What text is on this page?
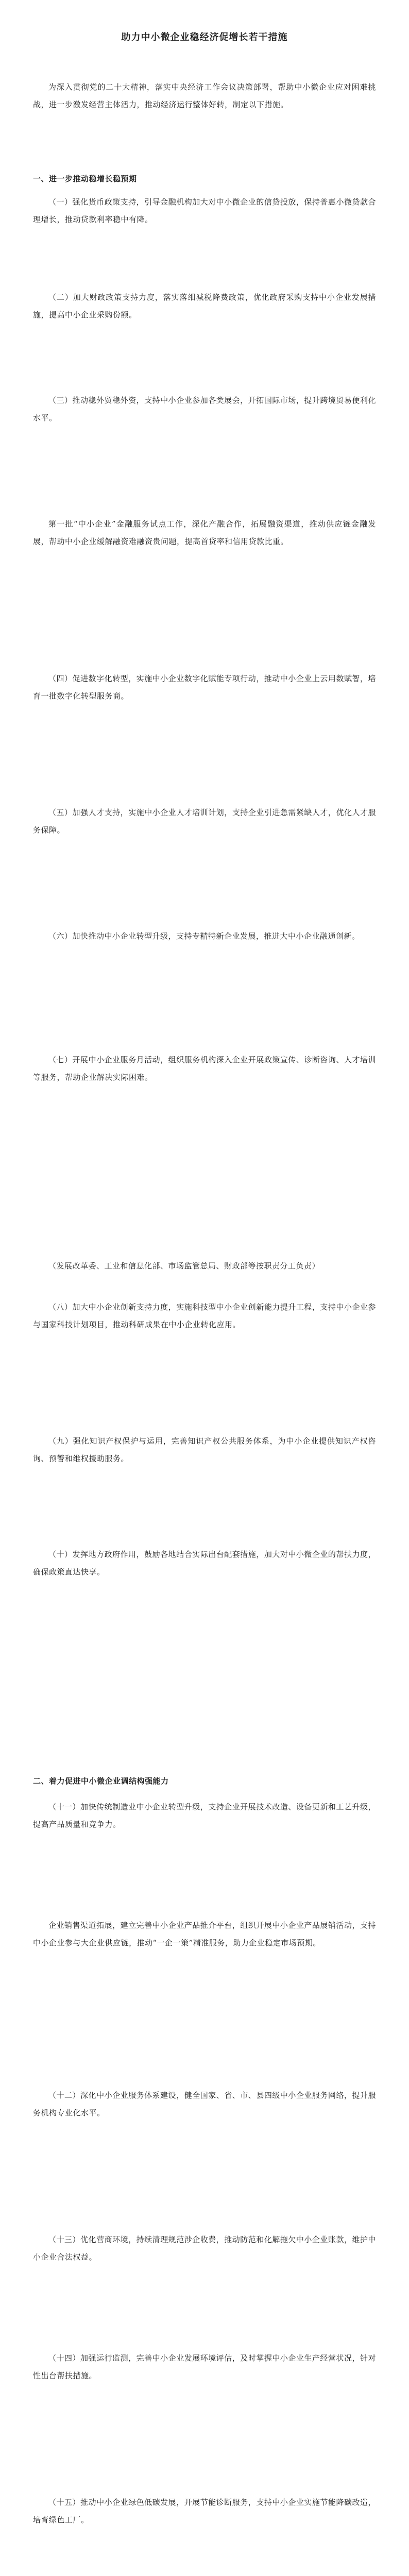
助力中小微企业稳经济促增长若干措施
为深入贯彻党的二十大精神，落实中央经济工作会议决策部署，帮助中小微企业应对困难挑战，进一步激发经营主体活力，推动经济运行整体好转，制定以下措施。
一、进一步推动稳增长稳预期
（一）强化货币政策支持，引导金融机构加大对中小微企业的信贷投放，保持普惠小微贷款合理增长，推动贷款利率稳中有降。
（二）加大财政政策支持力度，落实落细减税降费政策，优化政府采购支持中小企业发展措施，提高中小企业采购份额。
（三）推动稳外贸稳外资，支持中小企业参加各类展会，开拓国际市场，提升跨境贸易便利化水平。
第一批“中小企业”金融服务试点工作，深化产融合作，拓展融资渠道，推动供应链金融发展，帮助中小企业缓解融资难融资贵问题，提高首贷率和信用贷款比重。
（四）促进数字化转型，实施中小企业数字化赋能专项行动，推动中小企业上云用数赋智，培育一批数字化转型服务商。
（五）加强人才支持，实施中小企业人才培训计划，支持企业引进急需紧缺人才，优化人才服务保障。
（六）加快推动中小企业转型升级，支持专精特新企业发展，推进大中小企业融通创新。
（七）开展中小企业服务月活动，组织服务机构深入企业开展政策宣传、诊断咨询、人才培训等服务，帮助企业解决实际困难。
（发展改革委、工业和信息化部、市场监管总局、财政部等按职责分工负责）
（八）加大中小企业创新支持力度，实施科技型中小企业创新能力提升工程，支持中小企业参与国家科技计划项目，推动科研成果在中小企业转化应用。
（九）强化知识产权保护与运用，完善知识产权公共服务体系，为中小企业提供知识产权咨询、预警和维权援助服务。
（十）发挥地方政府作用，鼓励各地结合实际出台配套措施，加大对中小微企业的帮扶力度，确保政策直达快享。
二、着力促进中小微企业调结构强能力
（十一）加快传统制造业中小企业转型升级，支持企业开展技术改造、设备更新和工艺升级，提高产品质量和竞争力。
企业销售渠道拓展，建立完善中小企业产品推介平台，组织开展中小企业产品展销活动，支持中小企业参与大企业供应链，推动“一企一策”精准服务，助力企业稳定市场预期。
（十二）深化中小企业服务体系建设，健全国家、省、市、县四级中小企业服务网络，提升服务机构专业化水平。
（十三）优化营商环境，持续清理规范涉企收费，推动防范和化解拖欠中小企业账款，维护中小企业合法权益。
（十四）加强运行监测，完善中小企业发展环境评估，及时掌握中小企业生产经营状况，针对性出台帮扶措施。
（十五）推动中小企业绿色低碳发展，开展节能诊断服务，支持中小企业实施节能降碳改造，培育绿色工厂。
